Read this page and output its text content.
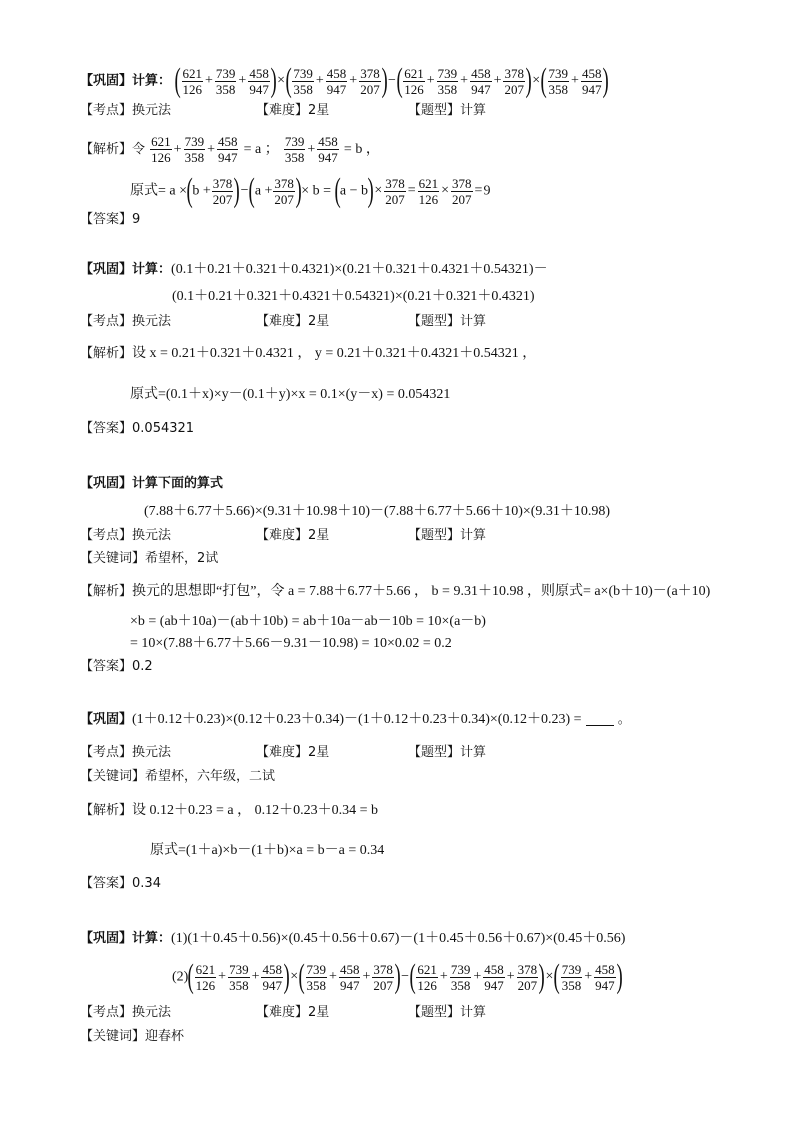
【巩固】计算： ( $\frac{621}{126} + \frac{739}{358} + \frac{458}{947}$ )×( $\frac{739}{358} + \frac{458}{947} + \frac{378}{207}$ )−( $\frac{621}{126} + \frac{739}{358} + \frac{458}{947} + \frac{378}{207}$ )×( $\frac{739}{358} + \frac{458}{947}$ )
【考点】换元法	【难度】2星	【题型】计算
【解析】令 $\frac{621}{126} + \frac{739}{358} + \frac{458}{947} = a$ ； $\frac{739}{358} + \frac{458}{947} = b$ ，
原式= $a \times(b + \frac{378}{207} )-(a + \frac{378}{207}$ )× $b = (a - b)\times \frac{378}{207} = \frac{621}{126} \times \frac{378}{207} =9$
【答案】9
【巩固】计算：(0.1＋0.21＋0.321＋0.4321)×(0.21＋0.321＋0.4321＋0.54321)－
(0.1＋0.21＋0.321＋0.4321＋0.54321)×(0.21＋0.321＋0.4321)
【考点】换元法	【难度】2星	【题型】计算
【解析】设 x = 0.21＋0.321＋0.4321 ， y = 0.21＋0.321＋0.4321＋0.54321 ，
原式=(0.1＋x)×y－(0.1＋y)×x = 0.1×(y－x) = 0.054321
【答案】0.054321
【巩固】计算下面的算式
(7.88＋6.77＋5.66)×(9.31＋10.98＋10)－(7.88＋6.77＋5.66＋10)×(9.31＋10.98)
【考点】换元法	【难度】2星	【题型】计算
【关键词】希望杯，2试
【解析】换元的思想即“打包”，令 a = 7.88＋6.77＋5.66 ， b = 9.31＋10.98 ，则原式= a×(b＋10)－(a＋10)
×b = (ab＋10a)－(ab＋10b) = ab＋10a－ab－10b = 10×(a－b)
= 10×(7.88＋6.77＋5.66－9.31－10.98) = 10×0.02 = 0.2
【答案】0.2
【巩固】(1＋0.12＋0.23)×(0.12＋0.23＋0.34)－(1＋0.12＋0.23＋0.34)×(0.12＋0.23) =	。
【考点】换元法	【难度】2星	【题型】计算
【关键词】希望杯，六年级，二试
【解析】设 0.12＋0.23 = a ， 0.12＋0.23＋0.34 = b
原式=(1＋a)×b－(1＋b)×a = b－a = 0.34
【答案】0.34
【巩固】计算：(1)(1＋0.45＋0.56)×(0.45＋0.56＋0.67)－(1＋0.45＋0.56＋0.67)×(0.45＋0.56)
$(2)( \frac{621}{126} + \frac{739}{358} + \frac{458}{947}$ )×( $\frac{739}{358} + \frac{458}{947} + \frac{378}{207}$ )−( $\frac{621}{126} + \frac{739}{358} + \frac{458}{947} + \frac{378}{207}$ )×( $\frac{739}{358} + \frac{458}{947}$ )
【考点】换元法	【难度】2星	【题型】计算
【关键词】迎春杯
